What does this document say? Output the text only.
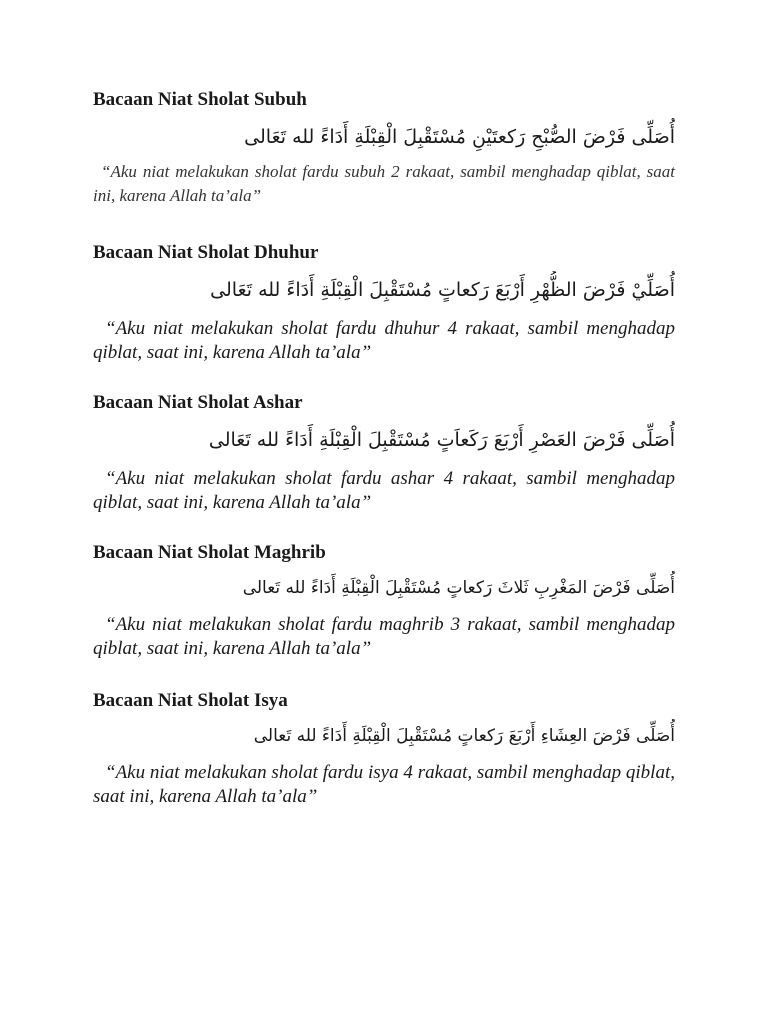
Bacaan Niat Sholat Subuh

أُصَلِّى فَرْضَ الصُّبْحِ رَكعتَيْنِ مُسْتَقْبِلَ الْقِبْلَةِ أَدَاءً لله تَعَالى

“Aku niat melakukan sholat fardu subuh 2 rakaat, sambil menghadap qiblat, saat ini, karena Allah ta’ala”

Bacaan Niat Sholat Dhuhur

أُصَلِّيْ فَرْضَ الظُّهْرِ أَرْبَعَ رَكعاتٍ مُسْتَقْبِلَ الْقِبْلَةِ أَدَاءً لله تَعَالى

“Aku niat melakukan sholat fardu dhuhur 4 rakaat, sambil menghadap qiblat, saat ini, karena Allah ta’ala”

Bacaan Niat Sholat Ashar

أُصَلِّى فَرْضَ العَصْرِ أَرْبَعَ رَكَعاَتٍ مُسْتَقْبِلَ الْقِبْلَةِ أَدَاءً لله تَعَالى

“Aku niat melakukan sholat fardu ashar 4 rakaat, sambil menghadap qiblat, saat ini, karena Allah ta’ala”

Bacaan Niat Sholat Maghrib

أُصَلِّى فَرْضَ المَغْرِبِ ثَلاثَ رَكعاتٍ مُسْتَقْبِلَ الْقِبْلَةِ أَدَاءً لله تَعالى

“Aku niat melakukan sholat fardu maghrib 3 rakaat, sambil menghadap qiblat, saat ini, karena Allah ta’ala”

Bacaan Niat Sholat Isya

أُصَلِّى فَرْضَ العِشَاءِ أَرْبَعَ رَكعاتٍ مُسْتَقْبِلَ الْقِبْلَةِ أَدَاءً لله تَعالى

“Aku niat melakukan sholat fardu isya 4 rakaat, sambil menghadap qiblat, saat ini, karena Allah ta’ala”
